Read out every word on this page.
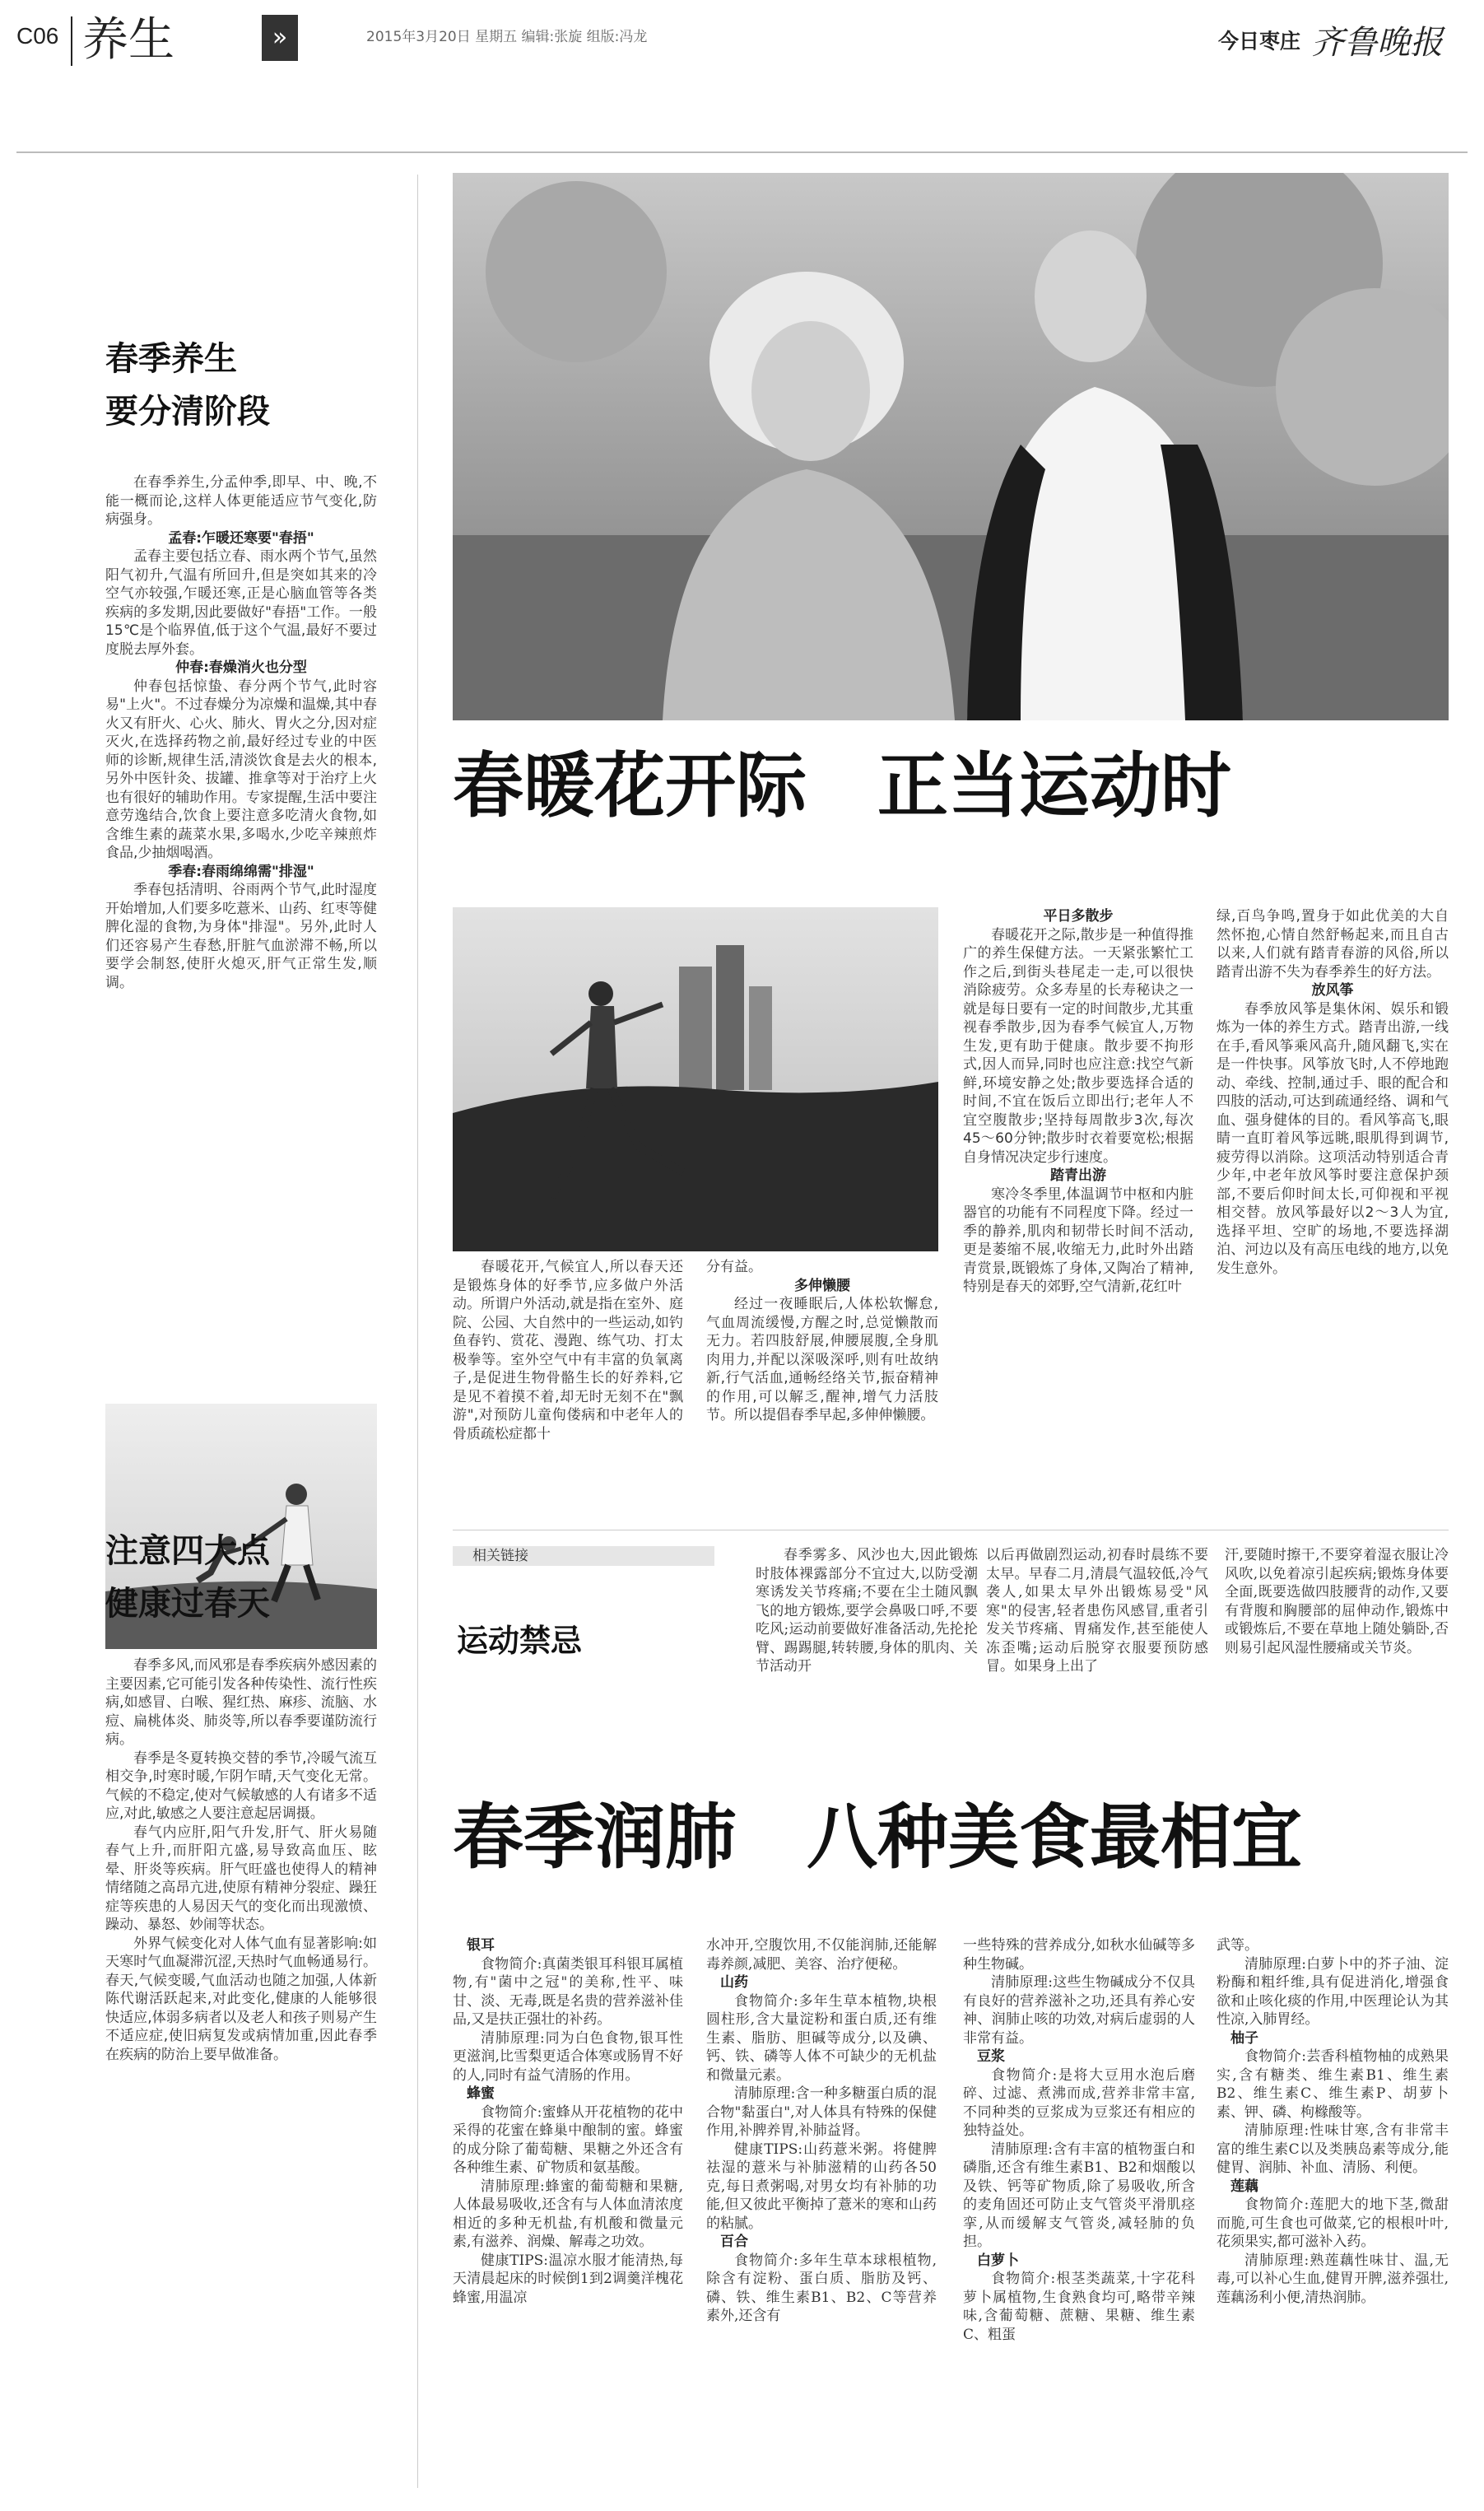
C06 养生	»	2015年3月20日 星期五 编辑:张旋 组版:冯龙	今日枣庄 齐鲁晚报
春季养生
要分清阶段
在春季养生,分孟仲季,即早、中、晚,不能一概而论,这样人体更能适应节气变化,防病强身。
孟春:乍暖还寒要"春捂"
孟春主要包括立春、雨水两个节气,虽然阳气初升,气温有所回升,但是突如其来的冷空气亦较强,乍暖还寒,正是心脑血管等各类疾病的多发期,因此要做好"春捂"工作。一般15℃是个临界值,低于这个气温,最好不要过度脱去厚外套。
仲春:春燥消火也分型
仲春包括惊蛰、春分两个节气,此时容易"上火"。不过春燥分为凉燥和温燥,其中春火又有肝火、心火、肺火、胃火之分,因对症灭火,在选择药物之前,最好经过专业的中医师的诊断,规律生活,清淡饮食是去火的根本,另外中医针灸、拔罐、推拿等对于治疗上火也有很好的辅助作用。专家提醒,生活中要注意劳逸结合,饮食上要注意多吃清火食物,如含维生素的蔬菜水果,多喝水,少吃辛辣煎炸食品,少抽烟喝酒。
季春:春雨绵绵需"排湿"
季春包括清明、谷雨两个节气,此时湿度开始增加,人们要多吃薏米、山药、红枣等健脾化湿的食物,为身体"排湿"。另外,此时人们还容易产生春愁,肝脏气血淤滞不畅,所以要学会制怒,使肝火熄灭,肝气正常生发,顺调。
注意四大点
健康过春天
春季多风,而风邪是春季疾病外感因素的主要因素,它可能引发各种传染性、流行性疾病,如感冒、白喉、猩红热、麻疹、流脑、水痘、扁桃体炎、肺炎等,所以春季要谨防流行病。
春季是冬夏转换交替的季节,冷暖气流互相交争,时寒时暖,乍阴乍晴,天气变化无常。气候的不稳定,使对气候敏感的人有诸多不适应,对此,敏感之人要注意起居调摄。
春气内应肝,阳气升发,肝气、肝火易随春气上升,而肝阳亢盛,易导致高血压、眩晕、肝炎等疾病。肝气旺盛也使得人的精神情绪随之高昂亢进,使原有精神分裂症、躁狂症等疾患的人易因天气的变化而出现激愤、躁动、暴怒、妙闹等状态。
外界气候变化对人体气血有显著影响:如天寒时气血凝滞沉涩,天热时气血畅通易行。春天,气候变暖,气血活动也随之加强,人体新陈代谢活跃起来,对此变化,健康的人能够很快适应,体弱多病者以及老人和孩子则易产生不适应症,使旧病复发或病情加重,因此春季在疾病的防治上要早做准备。
春暖花开际　正当运动时
春暖花开,气候宜人,所以春天还是锻炼身体的好季节,应多做户外活动。所谓户外活动,就是指在室外、庭院、公园、大自然中的一些运动,如钓鱼春钓、赏花、漫跑、练气功、打太极拳等。室外空气中有丰富的负氧离子,是促进生物骨骼生长的好养料,它是见不着摸不着,却无时无刻不在"飘游",对预防儿童佝偻病和中老年人的骨质疏松症都十
分有益。
多伸懒腰
经过一夜睡眠后,人体松软懈怠,气血周流缓慢,方醒之时,总觉懒散而无力。若四肢舒展,伸腰展腹,全身肌肉用力,并配以深吸深呼,则有吐故纳新,行气活血,通畅经络关节,振奋精神的作用,可以解乏,醒神,增气力活肢节。所以提倡春季早起,多伸伸懒腰。
平日多散步
春暖花开之际,散步是一种值得推广的养生保健方法。一天紧张繁忙工作之后,到街头巷尾走一走,可以很快消除疲劳。众多寿星的长寿秘诀之一就是每日要有一定的时间散步,尤其重视春季散步,因为春季气候宜人,万物生发,更有助于健康。散步要不拘形式,因人而异,同时也应注意:找空气新鲜,环境安静之处;散步要选择合适的时间,不宜在饭后立即出行;老年人不宜空腹散步;坚持每周散步3次,每次45～60分钟;散步时衣着要宽松;根据自身情况决定步行速度。
踏青出游
寒冷冬季里,体温调节中枢和内脏器官的功能有不同程度下降。经过一季的静养,肌肉和韧带长时间不活动,更是萎缩不展,收缩无力,此时外出踏青赏景,既锻炼了身体,又陶冶了精神,特别是春天的郊野,空气清新,花红叶
绿,百鸟争鸣,置身于如此优美的大自然怀抱,心情自然舒畅起来,而且自古以来,人们就有踏青春游的风俗,所以踏青出游不失为春季养生的好方法。
放风筝
春季放风筝是集休闲、娱乐和锻炼为一体的养生方式。踏青出游,一线在手,看风筝乘风高升,随风翻飞,实在是一件快事。风筝放飞时,人不停地跑动、牵线、控制,通过手、眼的配合和四肢的活动,可达到疏通经络、调和气血、强身健体的目的。看风筝高飞,眼睛一直盯着风筝远眺,眼肌得到调节,疲劳得以消除。这项活动特别适合青少年,中老年放风筝时要注意保护颈部,不要后仰时间太长,可仰视和平视相交替。放风筝最好以2～3人为宜,选择平坦、空旷的场地,不要选择湖泊、河边以及有高压电线的地方,以免发生意外。
相关链接
运动禁忌
春季雾多、风沙也大,因此锻炼时肢体裸露部分不宜过大,以防受潮寒诱发关节疼痛;不要在尘土随风飘飞的地方锻炼,要学会鼻吸口呼,不要吃风;运动前要做好准备活动,先抡抡臂、踢踢腿,转转腰,身体的肌肉、关节活动开
以后再做剧烈运动,初春时晨练不要太早。早春二月,清晨气温较低,冷气袭人,如果太早外出锻炼易受"风寒"的侵害,轻者患伤风感冒,重者引发关节疼痛、胃痛发作,甚至能使人冻歪嘴;运动后脱穿衣服要预防感冒。如果身上出了
汗,要随时擦干,不要穿着湿衣服让冷风吹,以免着凉引起疾病;锻炼身体要全面,既要选做四肢腰背的动作,又要有背腹和胸腰部的屈伸动作,锻炼中或锻炼后,不要在草地上随处躺卧,否则易引起风湿性腰痛或关节炎。
春季润肺　八种美食最相宜
银耳
食物简介:真菌类银耳科银耳属植物,有"菌中之冠"的美称,性平、味甘、淡、无毒,既是名贵的营养滋补佳品,又是扶正强壮的补药。
清肺原理:同为白色食物,银耳性更滋润,比雪梨更适合体寒或肠胃不好的人,同时有益气清肠的作用。
蜂蜜
食物简介:蜜蜂从开花植物的花中采得的花蜜在蜂巢中酿制的蜜。蜂蜜的成分除了葡萄糖、果糖之外还含有各种维生素、矿物质和氨基酸。
清肺原理:蜂蜜的葡萄糖和果糖,人体最易吸收,还含有与人体血清浓度相近的多种无机盐,有机酸和微量元素,有滋养、润燥、解毒之功效。
健康TIPS:温凉水服才能清热,每天清晨起床的时候倒1到2调羹洋槐花蜂蜜,用温凉
水冲开,空腹饮用,不仅能润肺,还能解毒养颜,减肥、美容、治疗便秘。
山药
食物简介:多年生草本植物,块根圆柱形,含大量淀粉和蛋白质,还有维生素、脂肪、胆碱等成分,以及碘、钙、铁、磷等人体不可缺少的无机盐和微量元素。
清肺原理:含一种多糖蛋白质的混合物"黏蛋白",对人体具有特殊的保健作用,补脾养胃,补肺益肾。
健康TIPS:山药薏米粥。将健脾祛湿的薏米与补肺滋精的山药各50克,每日煮粥喝,对男女均有补肺的功能,但又彼此平衡掉了薏米的寒和山药的粘腻。
百合
食物简介:多年生草本球根植物,除含有淀粉、蛋白质、脂肪及钙、磷、铁、维生素B1、B2、C等营养素外,还含有
一些特殊的营养成分,如秋水仙碱等多种生物碱。
清肺原理:这些生物碱成分不仅具有良好的营养滋补之功,还具有养心安神、润肺止咳的功效,对病后虚弱的人非常有益。
豆浆
食物简介:是将大豆用水泡后磨碎、过滤、煮沸而成,营养非常丰富,不同种类的豆浆成为豆浆还有相应的独特益处。
清肺原理:含有丰富的植物蛋白和磷脂,还含有维生素B1、B2和烟酸以及铁、钙等矿物质,除了易吸收,所含的麦角固还可防止支气管炎平滑肌痉挛,从而缓解支气管炎,减轻肺的负担。
白萝卜
食物简介:根茎类蔬菜,十字花科萝卜属植物,生食熟食均可,略带辛辣味,含葡萄糖、蔗糖、果糖、维生素C、粗蛋
武等。
清肺原理:白萝卜中的芥子油、淀粉酶和粗纤维,具有促进消化,增强食欲和止咳化痰的作用,中医理论认为其性凉,入肺胃经。
柚子
食物简介:芸香科植物柚的成熟果实,含有糖类、维生素B1、维生素B2、维生素C、维生素P、胡萝卜素、钾、磷、枸橼酸等。
清肺原理:性味甘寒,含有非常丰富的维生素C以及类胰岛素等成分,能健胃、润肺、补血、清肠、利便。
莲藕
食物简介:莲肥大的地下茎,微甜而脆,可生食也可做菜,它的根根叶叶,花须果实,都可滋补入药。
清肺原理:熟莲藕性味甘、温,无毒,可以补心生血,健胃开脾,滋养强壮,莲藕汤利小便,清热润肺。
